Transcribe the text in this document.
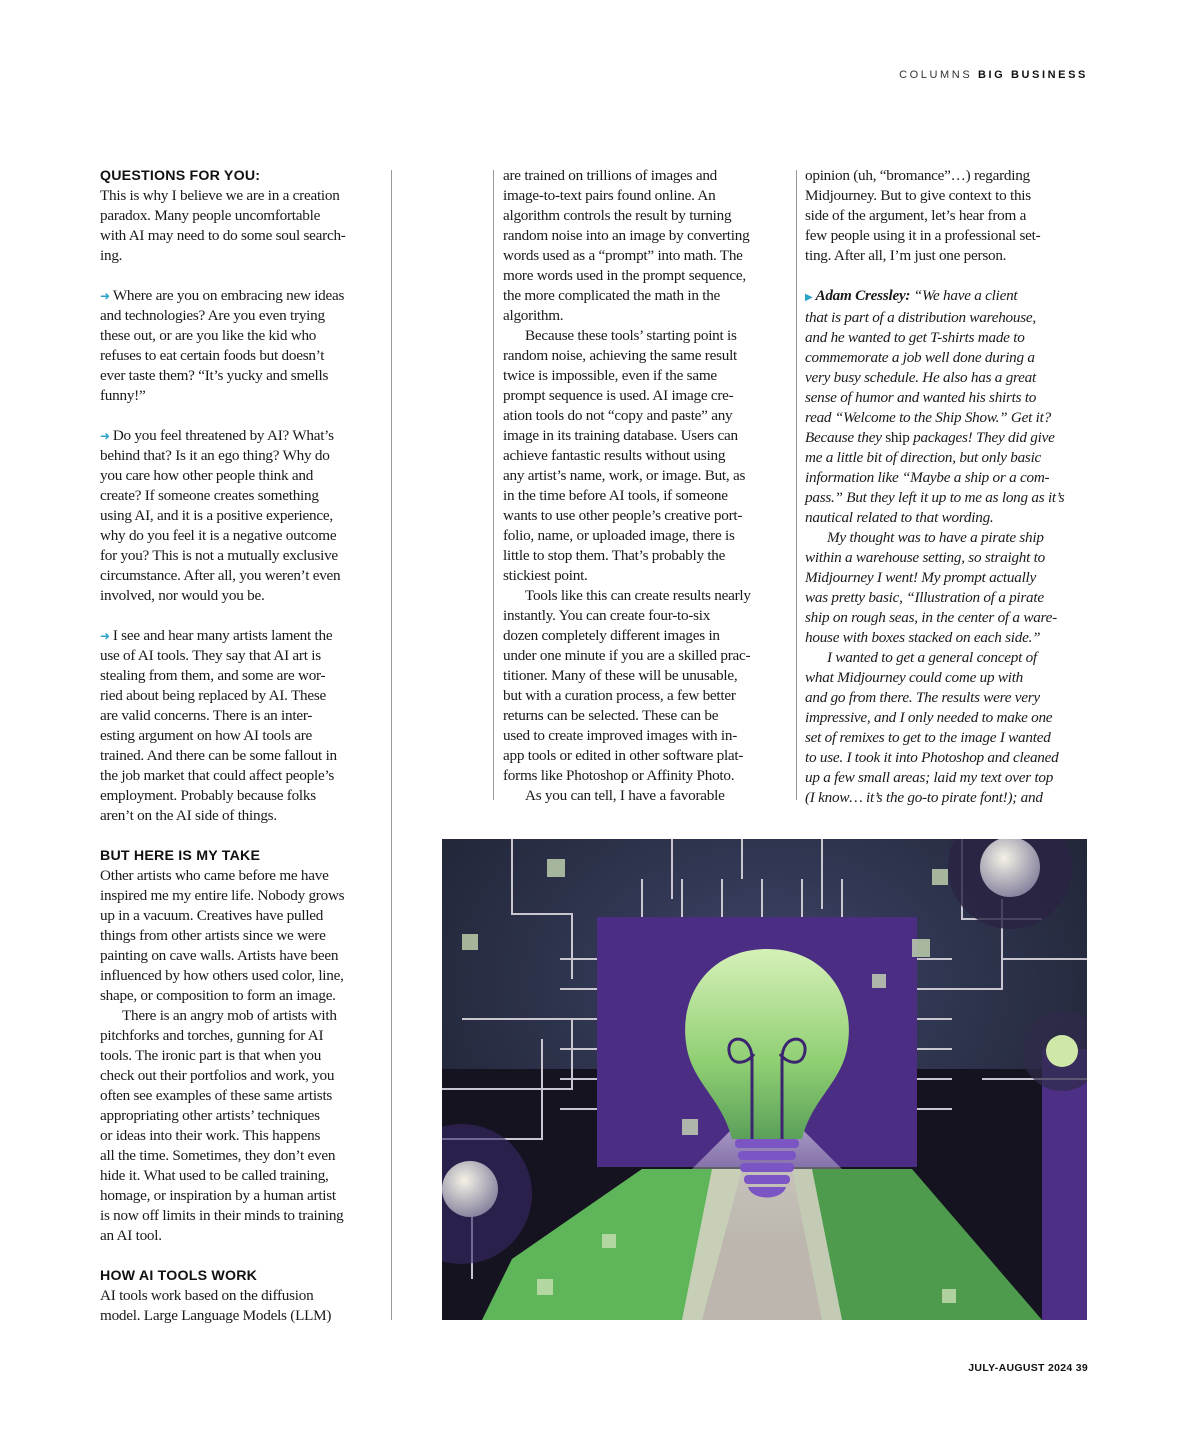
COLUMNS BIG BUSINESS

QUESTIONS FOR YOU:

This is why I believe we are in a creation
paradox. Many people uncomfortable
with AI may need to do some soul search-
ing.

➜ Where are you on embracing new ideas
and technologies? Are you even trying
these out, or are you like the kid who
refuses to eat certain foods but doesn’t
ever taste them? “It’s yucky and smells
funny!”

➜ Do you feel threatened by AI? What’s
behind that? Is it an ego thing? Why do
you care how other people think and
create? If someone creates something
using AI, and it is a positive experience,
why do you feel it is a negative outcome
for you? This is not a mutually exclusive
circumstance. After all, you weren’t even
involved, nor would you be.

➜ I see and hear many artists lament the
use of AI tools. They say that AI art is
stealing from them, and some are wor-
ried about being replaced by AI. These
are valid concerns. There is an inter-
esting argument on how AI tools are
trained. And there can be some fallout in
the job market that could affect people’s
employment. Probably because folks
aren’t on the AI side of things.

BUT HERE IS MY TAKE

Other artists who came before me have
inspired me my entire life. Nobody grows
up in a vacuum. Creatives have pulled
things from other artists since we were
painting on cave walls. Artists have been
influenced by how others used color, line,
shape, or composition to form an image.

There is an angry mob of artists with
pitchforks and torches, gunning for AI
tools. The ironic part is that when you
check out their portfolios and work, you
often see examples of these same artists
appropriating other artists’ techniques
or ideas into their work. This happens
all the time. Sometimes, they don’t even
hide it. What used to be called training,
homage, or inspiration by a human artist
is now off limits in their minds to training
an AI tool.

HOW AI TOOLS WORK

AI tools work based on the diffusion
model. Large Language Models (LLM)

are trained on trillions of images and
image-to-text pairs found online. An
algorithm controls the result by turning
random noise into an image by converting
words used as a “prompt” into math. The
more words used in the prompt sequence,
the more complicated the math in the
algorithm.

Because these tools’ starting point is
random noise, achieving the same result
twice is impossible, even if the same
prompt sequence is used. AI image cre-
ation tools do not “copy and paste” any
image in its training database. Users can
achieve fantastic results without using
any artist’s name, work, or image. But, as
in the time before AI tools, if someone
wants to use other people’s creative port-
folio, name, or uploaded image, there is
little to stop them. That’s probably the
stickiest point.

Tools like this can create results nearly
instantly. You can create four-to-six
dozen completely different images in
under one minute if you are a skilled prac-
titioner. Many of these will be unusable,
but with a curation process, a few better
returns can be selected. These can be
used to create improved images with in-
app tools or edited in other software plat-
forms like Photoshop or Affinity Photo.

As you can tell, I have a favorable

opinion (uh, “bromance”…) regarding
Midjourney. But to give context to this
side of the argument, let’s hear from a
few people using it in a professional set-
ting. After all, I’m just one person.

▶ Adam Cressley: “We have a client
that is part of a distribution warehouse,
and he wanted to get T-shirts made to
commemorate a job well done during a
very busy schedule. He also has a great
sense of humor and wanted his shirts to
read “Welcome to the Ship Show.” Get it?
Because they ship packages! They did give
me a little bit of direction, but only basic
information like “Maybe a ship or a com-
pass.” But they left it up to me as long as it’s
nautical related to that wording.

My thought was to have a pirate ship
within a warehouse setting, so straight to
Midjourney I went! My prompt actually
was pretty basic, “Illustration of a pirate
ship on rough seas, in the center of a ware-
house with boxes stacked on each side.”

I wanted to get a general concept of
what Midjourney could come up with
and go from there. The results were very
impressive, and I only needed to make one
set of remixes to get to the image I wanted
to use. I took it into Photoshop and cleaned
up a few small areas; laid my text over top
(I know… it’s the go-to pirate font!); and

JULY-AUGUST 2024 39
